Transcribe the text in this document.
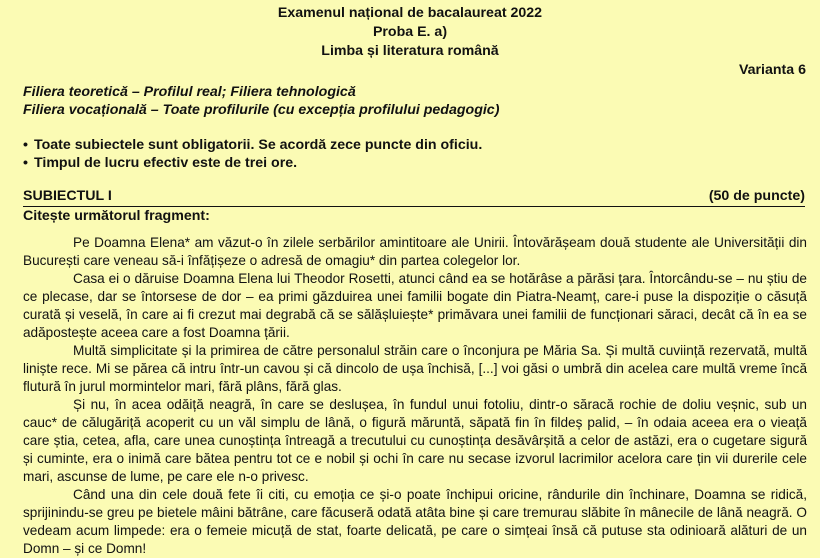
Examenul național de bacalaureat 2022
Proba E. a)
Limba și literatura română
Varianta 6
Filiera teoretică – Profilul real; Filiera tehnologică
Filiera vocațională – Toate profilurile (cu excepția profilului pedagogic)
• Toate subiectele sunt obligatorii. Se acordă zece puncte din oficiu.
• Timpul de lucru efectiv este de trei ore.
SUBIECTUL I	(50 de puncte)
Citește următorul fragment:

Pe Doamna Elena* am văzut-o în zilele serbărilor amintitoare ale Unirii. Întovărășeam două studente ale Universității din București care veneau să-i înfățișeze o adresă de omagiu* din partea colegelor lor.

Casa ei o dăruise Doamna Elena lui Theodor Rosetti, atunci când ea se hotărâse a părăsi țara. Întorcându-se – nu știu de ce plecase, dar se întorsese de dor – ea primi găzduirea unei familii bogate din Piatra-Neamț, care-i puse la dispoziție o căsuță curată și veselă, în care ai fi crezut mai degrabă că se sălășluiește* primăvara unei familii de funcționari săraci, decât că în ea se adăpostește aceea care a fost Doamna țării.

Multă simplicitate și la primirea de către personalul străin care o înconjura pe Măria Sa. Și multă cuviință rezervată, multă liniște rece. Mi se părea că intru într-un cavou și că dincolo de ușa închisă, [...] voi găsi o umbră din acelea care multă vreme încă flutură în jurul mormintelor mari, fără plâns, fără glas.

Și nu, în acea odăiță neagră, în care se deslușea, în fundul unui fotoliu, dintr-o săracă rochie de doliu veșnic, sub un cauc* de călugăriță acoperit cu un văl simplu de lână, o figură măruntă, săpată fin în fildeș palid, – în odaia aceea era o vieață care știa, cetea, afla, care unea cunoștința întreagă a trecutului cu cunoștința desăvârșită a celor de astăzi, era o cugetare sigură și cuminte, era o inimă care bătea pentru tot ce e nobil și ochi în care nu secase izvorul lacrimilor acelora care țin vii durerile cele mari, ascunse de lume, pe care ele n-o privesc.

Când una din cele două fete îi citi, cu emoția ce și-o poate închipui oricine, rândurile din închinare, Doamna se ridică, sprijinindu-se greu pe bietele mâini bătrâne, care făcuseră odată atâta bine și care tremurau slăbite în mânecile de lână neagră. O vedeam acum limpede: era o femeie micuță de stat, foarte delicată, pe care o simțeai însă că putuse sta odinioară alături de un Domn – și ce Domn!
